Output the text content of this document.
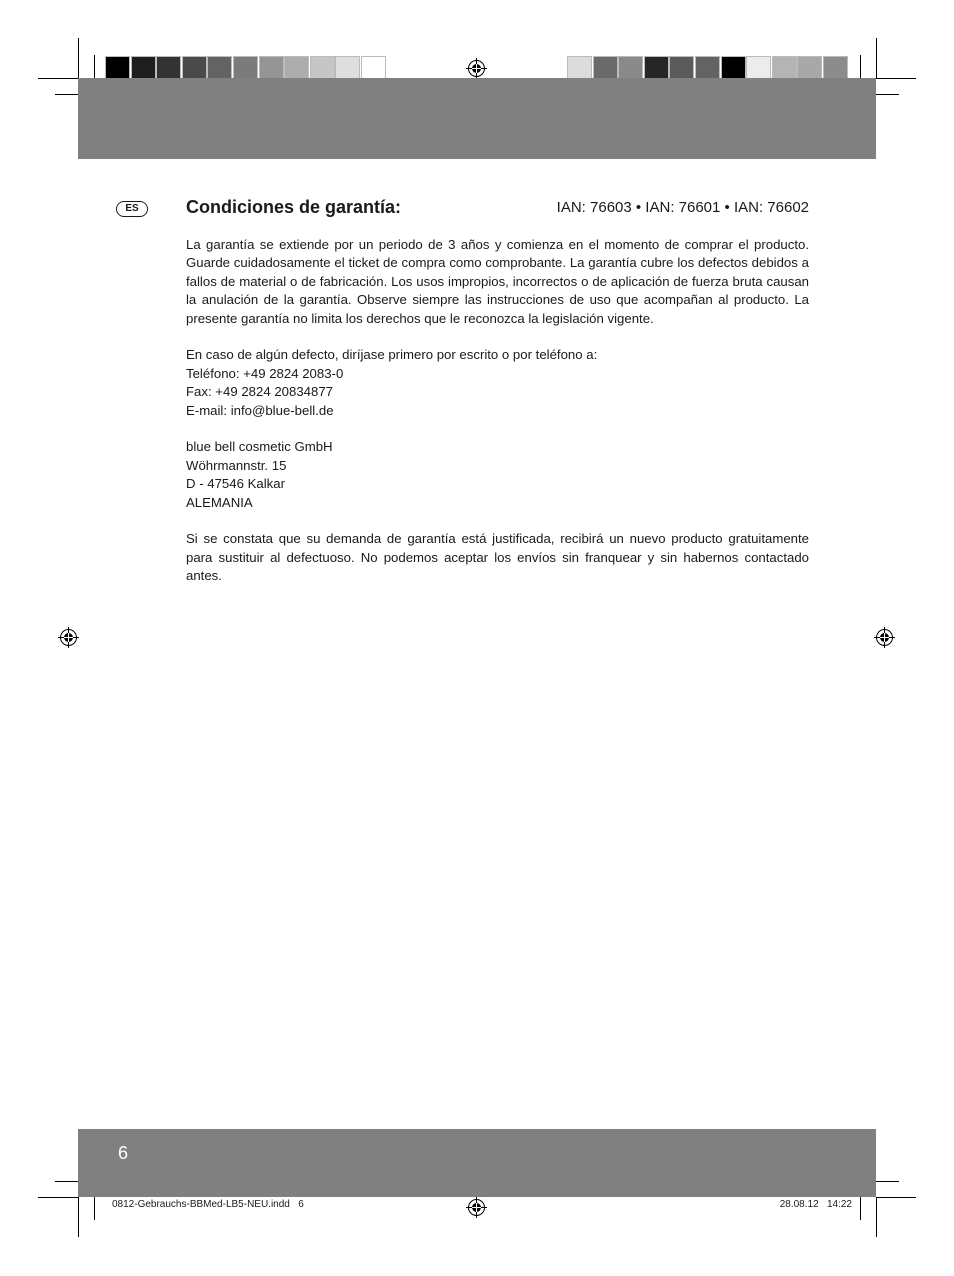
ES	Condiciones de garantía:	IAN: 76603 • IAN: 76601 • IAN: 76602

La garantía se extiende por un periodo de 3 años y comienza en el momento de comprar el producto. Guarde cuidadosamente el ticket de compra como comprobante. La garantía cubre los defectos debidos a fallos de material o de fabricación. Los usos impropios, incorrectos o de aplicación de fuerza bruta causan la anulación de la garantía. Observe siempre las instrucciones de uso que acompañan al producto. La presente garantía no limita los derechos que le reconozca la legislación vigente.

En caso de algún defecto, diríjase primero por escrito o por teléfono a:
Teléfono: +49 2824 2083-0
Fax: +49 2824 20834877
E-mail: info@blue-bell.de

blue bell cosmetic GmbH
Wöhrmannstr. 15
D - 47546 Kalkar
ALEMANIA

Si se constata que su demanda de garantía está justificada, recibirá un nuevo producto gratuitamente para sustituir al defectuoso. No podemos aceptar los envíos sin franquear y sin habernos contactado antes.

6
0812-Gebrauchs-BBMed-LB5-NEU.indd   6	28.08.12   14:22
